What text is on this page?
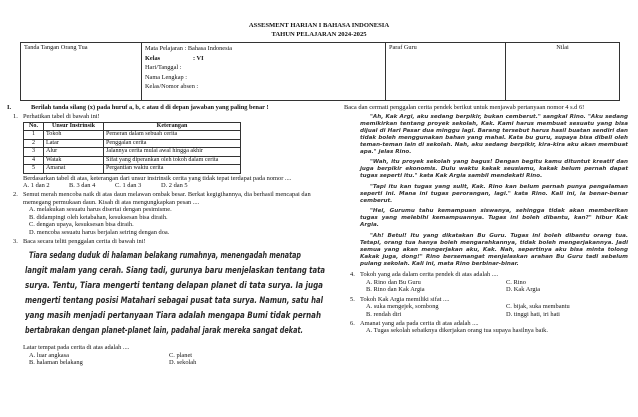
ASSESMENT HARIAN I BAHASA INDONESIA
TAHUN PELAJARAN 2024-2025
Tanda Tangan Orang Tua	Mata Pelajaran : Bahasa Indonesia
Kelas	: VI
Hari/Tanggal :
Nama Lengkap :
Kelas/Nomor absen :
	Paraf Guru	Nilai
I.	Berilah tanda silang (x) pada huruf a, b, c atau d di depan jawaban yang paling benar !
1. Perhatikan tabel di bawah ini!
No.	Unsur Instrinsik	Keterangan
1	Tokoh	Pemeran dalam sebuah cerita
2	Latar	Penggalan cerita
3	Alur	Jalannya cerita mulai awal hingga akhir
4	Watak	Sifat yang diperankan oleh tokoh dalam cerita
5	Amanat	Pergantian waktu cerita
Berdasarkan tabel di atas, keterangan dari unsur instrinsik cerita yang tidak tepat terdapat pada nomor ....
A. 1 dan 2	B. 3 dan 4	C. 1 dan 3	D. 2 dan 5
2. Semut merah mencoba naik di atas daun melawan ombak besar. Berkat kegigihannya, dia berhasil mencapai dan memegang permukaan daun. Kisah di atas mengungkapkan pesan ....
A. melakukan sesuatu harus disertai dengan pesimisme.
B. didampingi oleh ketabahan, kesuksesan bisa diraih.
C. dengan upaya, kesuksesan bisa diraih.
D. mencoba sesuatu harus berjalan seiring dengan doa.
3. Baca secara teliti penggalan cerita di bawah ini!
Tiara sedang duduk di halaman belakang rumahnya, menengadah menatap
langit malam yang cerah. Siang tadi, gurunya baru menjelaskan tentang tata
surya. Tentu, Tiara mengerti tentang delapan planet di tata surya. Ia juga
mengerti tentang posisi Matahari sebagai pusat tata surya. Namun, satu hal
yang masih menjadi pertanyaan Tiara adalah mengapa Bumi tidak pernah
bertabrakan dengan planet-planet lain, padahal jarak mereka sangat dekat.
Latar tempat pada cerita di atas adalah ....
A. luar angkasa	C. planet
B. halaman belakang	D. sekolah
Baca dan cermati penggalan cerita pendek berikut untuk menjawab pertanyaan nomor 4 s.d 6!

"Ah, Kak Argi, aku sedang berpikir, bukan cemberut." sangkal Rino. "Aku sedang memikirkan tentang proyek sekolah, Kak. Kami harus membuat sesuatu yang bisa dijual di Hari Pasar dua minggu lagi. Barang tersebut harus hasil buatan sendiri dan tidak boleh menggunakan bahan yang mahal. Kata bu guru, supaya bisa dibeli oleh teman-teman lain di sekolah. Nah, aku sedang berpikir, kira-kira aku akan membuat apa." jelas Rino.

"Wah, itu proyek sekolah yang bagus! Dengan begitu kamu dituntut kreatif dan juga berpikir ekonomis. Dulu waktu kakak seusiamu, kakak belum pernah dapat tugas seperti itu." kata Kak Argia sambil mendekati Rino.

"Tapi itu kan tugas yang sulit, Kak. Rino kan belum pernah punya pengalaman seperti ini. Mana ini tugas perorangan, lagi." kata Rino. Kali ini, ia benar-benar cemberut.

"Hei, Gurumu tahu kemampuan siswanya, sehingga tidak akan memberikan tugas yang melebihi kemampuannya. Tugas ini boleh dibantu, kan?" hibur Kak Argia.

"Ah! Betul! Itu yang dikatakan Bu Guru. Tugas ini boleh dibantu orang tua. Tetapi, orang tua hanya boleh mengarahkannya, tidak boleh mengerjakannya. Jadi semua yang akan mengerjakan aku, Kak. Nah, sepertinya aku bisa minta tolong Kakak juga, dong!" Rino bersemangat menjelaskan arahan Bu Guru tadi sebelum pulang sekolah. Kali ini, mata Rino berbinar-binar.

4. Tokoh yang ada dalam cerita pendek di atas adalah ....
A. Rino dan Bu Guru	C. Rino
B. Rino dan Kak Argia	D. Kak Argia
5. Tokoh Kak Argia memiliki sifat ....
A. suka mengejek, sombong	C. bijak, suka membantu
B. rendah diri	D. tinggi hati, iri hati
6. Amanat yang ada pada cerita di atas adalah ....
A. Tugas sekolah sebaiknya dikerjakan orang tua supaya hasilnya baik.
